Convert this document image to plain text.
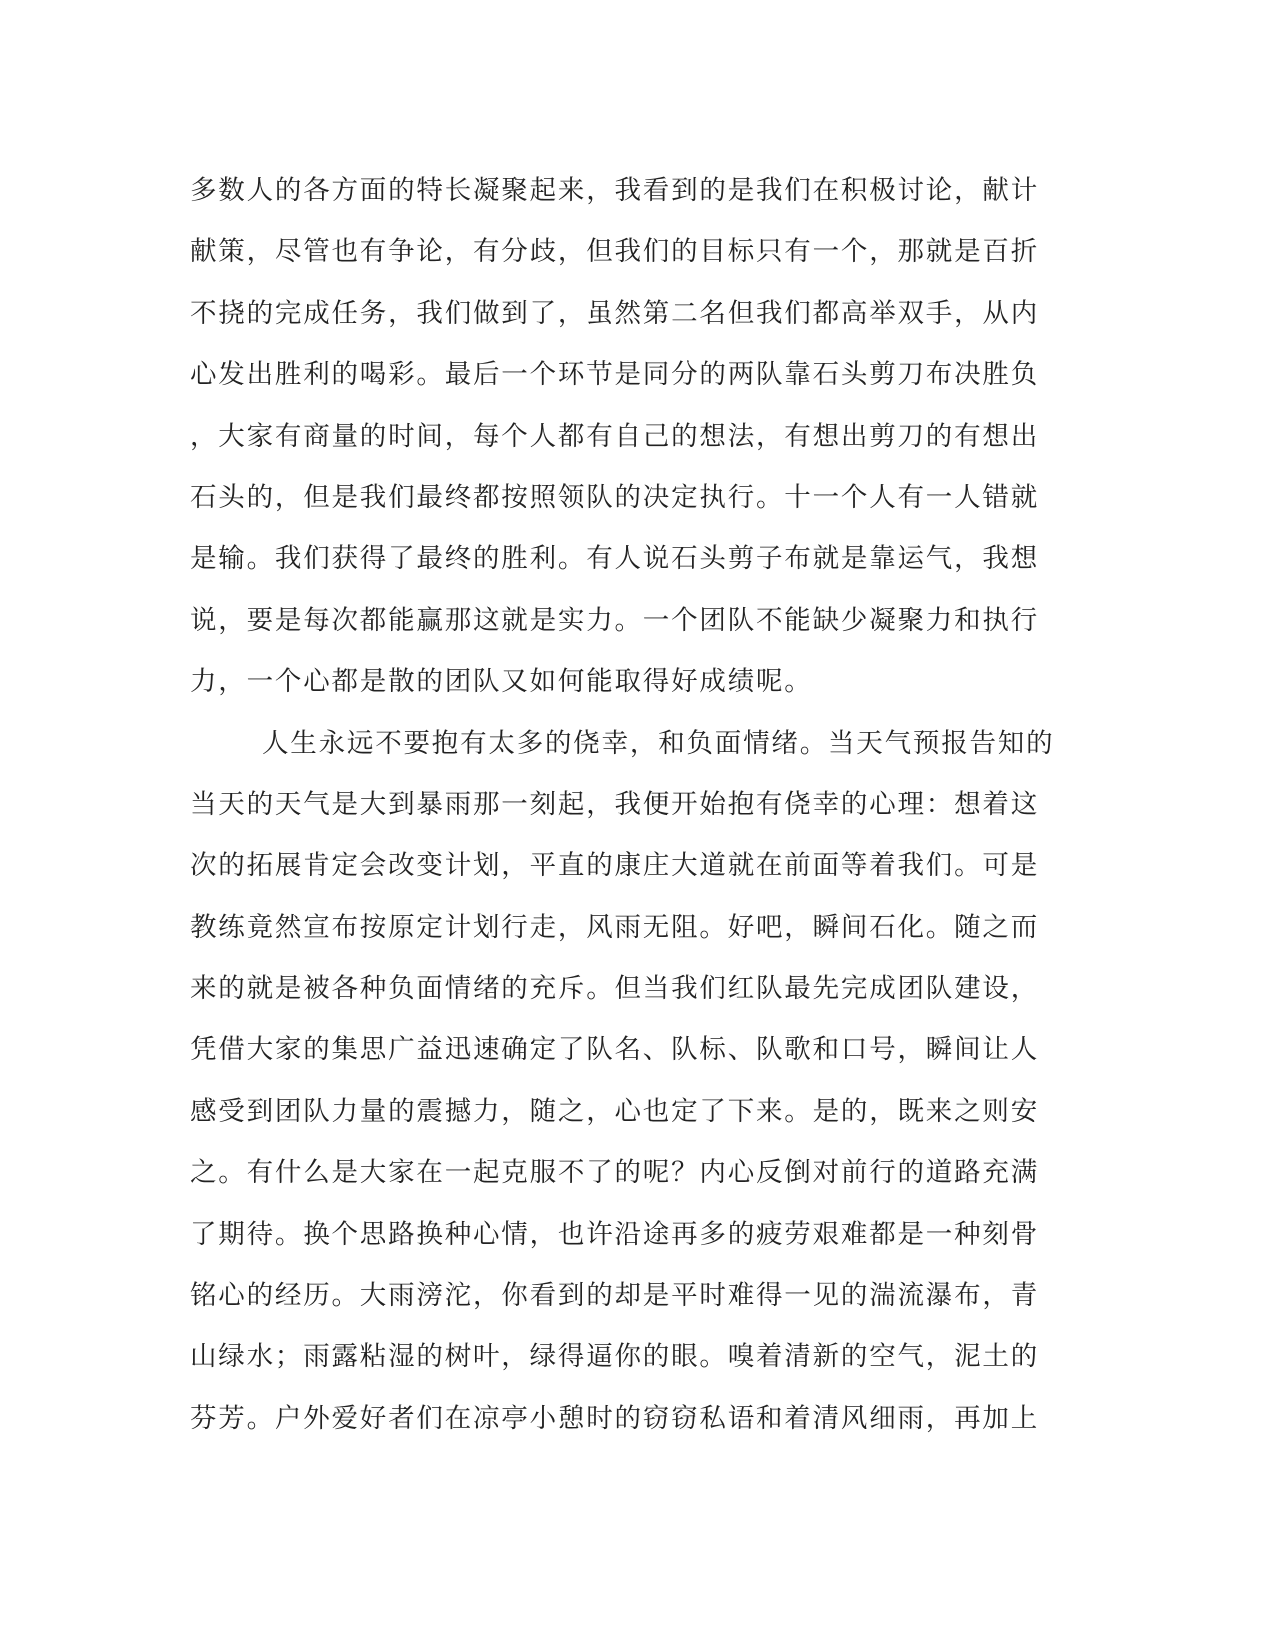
多数人的各方面的特长凝聚起来，我看到的是我们在积极讨论，献计
献策，尽管也有争论，有分歧，但我们的目标只有一个，那就是百折
不挠的完成任务，我们做到了，虽然第二名但我们都高举双手，从内
心发出胜利的喝彩。最后一个环节是同分的两队靠石头剪刀布决胜负
，大家有商量的时间，每个人都有自己的想法，有想出剪刀的有想出
石头的，但是我们最终都按照领队的决定执行。十一个人有一人错就
是输。我们获得了最终的胜利。有人说石头剪子布就是靠运气，我想
说，要是每次都能赢那这就是实力。一个团队不能缺少凝聚力和执行
力，一个心都是散的团队又如何能取得好成绩呢。
人生永远不要抱有太多的侥幸，和负面情绪。当天气预报告知的
当天的天气是大到暴雨那一刻起，我便开始抱有侥幸的心理：想着这
次的拓展肯定会改变计划，平直的康庄大道就在前面等着我们。可是
教练竟然宣布按原定计划行走，风雨无阻。好吧，瞬间石化。随之而
来的就是被各种负面情绪的充斥。但当我们红队最先完成团队建设，
凭借大家的集思广益迅速确定了队名、队标、队歌和口号，瞬间让人
感受到团队力量的震撼力，随之，心也定了下来。是的，既来之则安
之。有什么是大家在一起克服不了的呢？内心反倒对前行的道路充满
了期待。换个思路换种心情，也许沿途再多的疲劳艰难都是一种刻骨
铭心的经历。大雨滂沱，你看到的却是平时难得一见的湍流瀑布，青
山绿水；雨露粘湿的树叶，绿得逼你的眼。嗅着清新的空气，泥土的
芬芳。户外爱好者们在凉亭小憩时的窃窃私语和着清风细雨，再加上
